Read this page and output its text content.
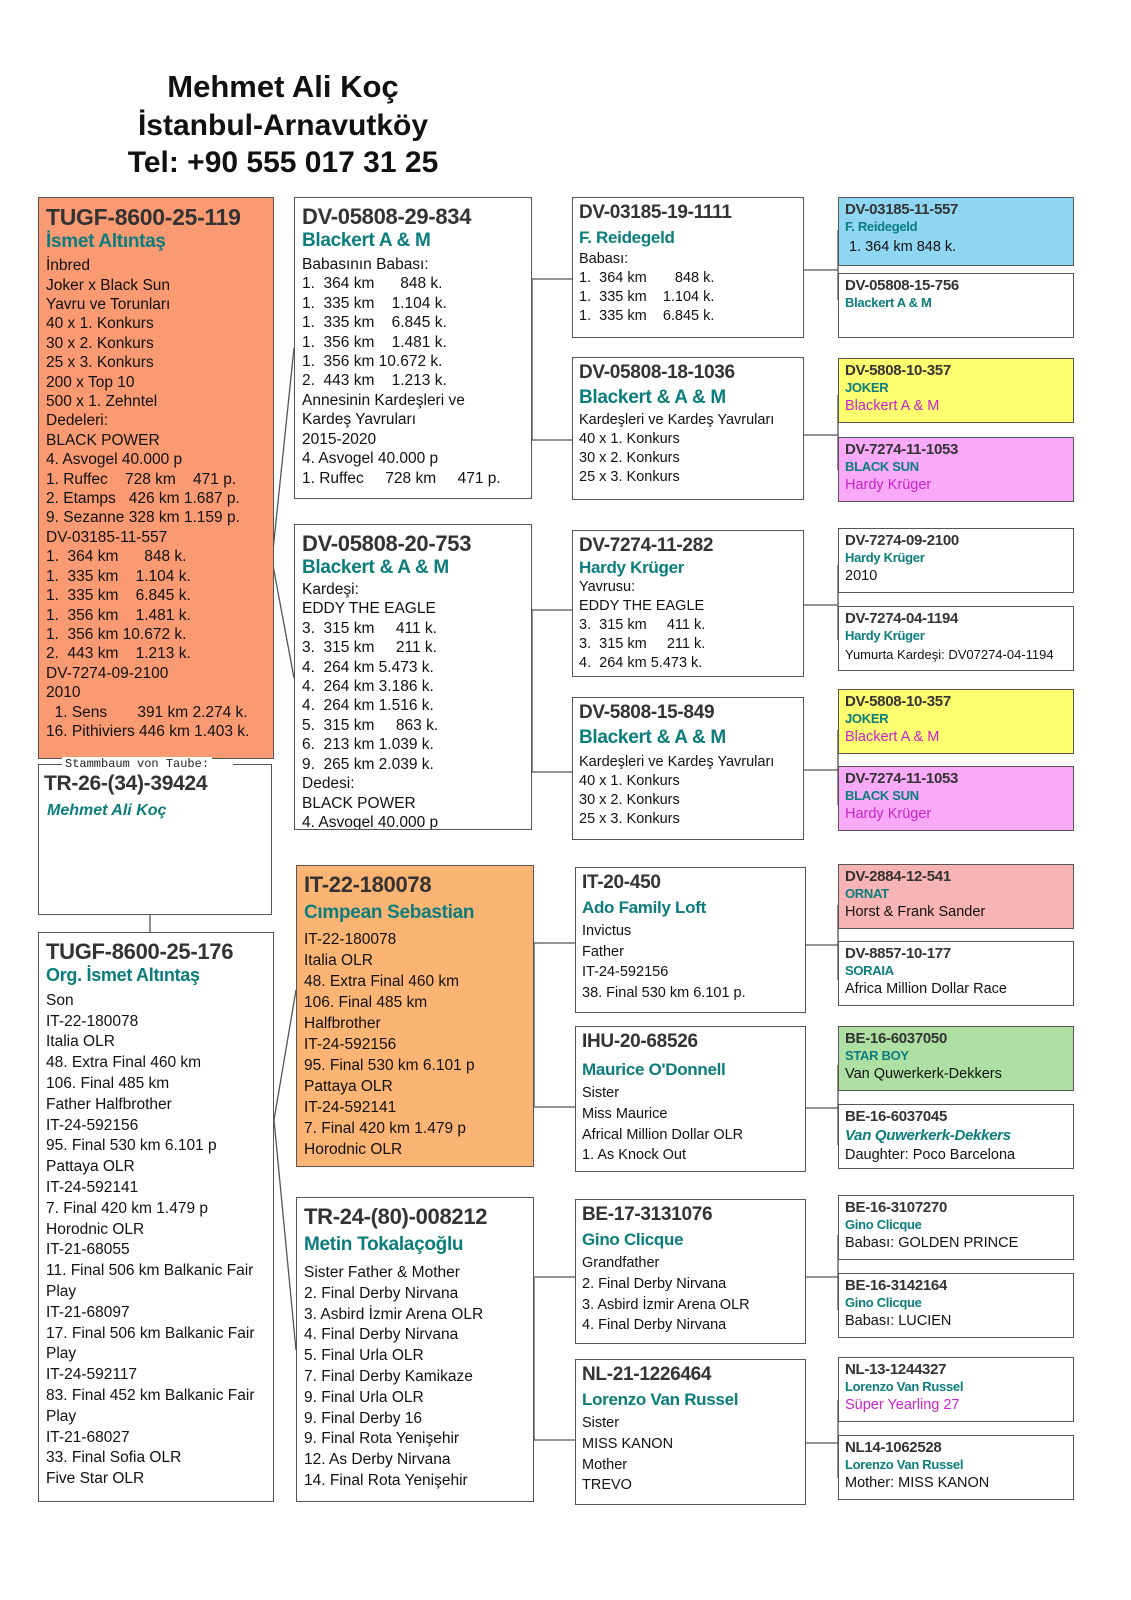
Mehmet Ali Koç
İstanbul-Arnavutköy
Tel: +90 555 017 31 25
TUGF-8600-25-119
İsmet Altıntaş
İnbred
Joker x Black Sun
Yavru ve Torunları
40 x 1. Konkurs
30 x 2. Konkurs
25 x 3. Konkurs
200 x Top 10
500 x 1. Zehntel
Dedeleri:
BLACK POWER
4. Asvogel 40.000 p
1. Ruffec    728 km    471 p.
2. Etamps   426 km 1.687 p.
9. Sezanne 328 km 1.159 p.
DV-03185-11-557
1.  364 km      848 k.
1.  335 km    1.104 k.
1.  335 km    6.845 k.
1.  356 km    1.481 k.
1.  356 km 10.672 k.
2.  443 km    1.213 k.
DV-7274-09-2100
2010
1. Sens       391 km 2.274 k.
16. Pithiviers 446 km 1.403 k.
Stammbaum von Taube:
TR-26-(34)-39424
Mehmet Ali Koç
TUGF-8600-25-176
Org. İsmet Altıntaş
Son
IT-22-180078
Italia OLR
48. Extra Final 460 km
106. Final 485 km
Father Halfbrother
IT-24-592156
95. Final 530 km 6.101 p
Pattaya OLR
IT-24-592141
7. Final 420 km 1.479 p
Horodnic OLR
IT-21-68055
11. Final 506 km Balkanic Fair
Play
IT-21-68097
17. Final 506 km Balkanic Fair
Play
IT-24-592117
83. Final 452 km Balkanic Fair
Play
IT-21-68027
33. Final Sofia OLR
Five Star OLR
DV-05808-29-834
Blackert A & M
Babasının Babası:
1.  364 km      848 k.
1.  335 km    1.104 k.
1.  335 km    6.845 k.
1.  356 km    1.481 k.
1.  356 km 10.672 k.
2.  443 km    1.213 k.
Annesinin Kardeşleri ve
Kardeş Yavruları
2015-2020
4. Asvogel 40.000 p
1. Ruffec     728 km     471 p.
DV-05808-20-753
Blackert & A & M
Kardeşi:
EDDY THE EAGLE
3.  315 km     411 k.
3.  315 km     211 k.
4.  264 km 5.473 k.
4.  264 km 3.186 k.
4.  264 km 1.516 k.
5.  315 km     863 k.
6.  213 km 1.039 k.
9.  265 km 2.039 k.
Dedesi:
BLACK POWER
4. Asvogel 40.000 p
IT-22-180078
Cımpean Sebastian
IT-22-180078
Italia OLR
48. Extra Final 460 km
106. Final 485 km
Halfbrother
IT-24-592156
95. Final 530 km 6.101 p
Pattaya OLR
IT-24-592141
7. Final 420 km 1.479 p
Horodnic OLR
TR-24-(80)-008212
Metin Tokalaçoğlu
Sister Father & Mother
2. Final Derby Nirvana
3. Asbird İzmir Arena OLR
4. Final Derby Nirvana
5. Final Urla OLR
7. Final Derby Kamikaze
9. Final Urla OLR
9. Final Derby 16
9. Final Rota Yenişehir
12. As Derby Nirvana
14. Final Rota Yenişehir
DV-03185-19-1111
F. Reidegeld
Babası:
1.  364 km       848 k.
1.  335 km    1.104 k.
1.  335 km    6.845 k.
DV-05808-18-1036
Blackert & A & M
Kardeşleri ve Kardeş Yavruları
40 x 1. Konkurs
30 x 2. Konkurs
25 x 3. Konkurs
DV-7274-11-282
Hardy Krüger
Yavrusu:
EDDY THE EAGLE
3.  315 km     411 k.
3.  315 km     211 k.
4.  264 km 5.473 k.
DV-5808-15-849
Blackert & A & M
Kardeşleri ve Kardeş Yavruları
40 x 1. Konkurs
30 x 2. Konkurs
25 x 3. Konkurs
IT-20-450
Ado Family Loft
Invictus
Father
IT-24-592156
38. Final 530 km 6.101 p.
IHU-20-68526
Maurice O'Donnell
Sister
Miss Maurice
Africal Million Dollar OLR
1. As Knock Out
BE-17-3131076
Gino Clicque
Grandfather
2. Final Derby Nirvana
3. Asbird İzmir Arena OLR
4. Final Derby Nirvana
NL-21-1226464
Lorenzo Van Russel
Sister
MISS KANON
Mother
TREVO
DV-03185-11-557
F. Reidegeld
1. 364 km 848 k.
DV-05808-15-756
Blackert A & M
DV-5808-10-357
JOKER
Blackert A & M
DV-7274-11-1053
BLACK SUN
Hardy Krüger
DV-7274-09-2100
Hardy Krüger
2010
DV-7274-04-1194
Hardy Krüger
Yumurta Kardeşi: DV07274-04-1194
DV-5808-10-357
JOKER
Blackert A & M
DV-7274-11-1053
BLACK SUN
Hardy Krüger
DV-2884-12-541
ORNAT
Horst & Frank Sander
DV-8857-10-177
SORAIA
Africa Million Dollar Race
BE-16-6037050
STAR BOY
Van Quwerkerk-Dekkers
BE-16-6037045
Van Quwerkerk-Dekkers
Daughter: Poco Barcelona
BE-16-3107270
Gino Clicque
Babası: GOLDEN PRINCE
BE-16-3142164
Gino Clicque
Babası: LUCIEN
NL-13-1244327
Lorenzo Van Russel
Süper Yearling 27
NL14-1062528
Lorenzo Van Russel
Mother: MISS KANON
